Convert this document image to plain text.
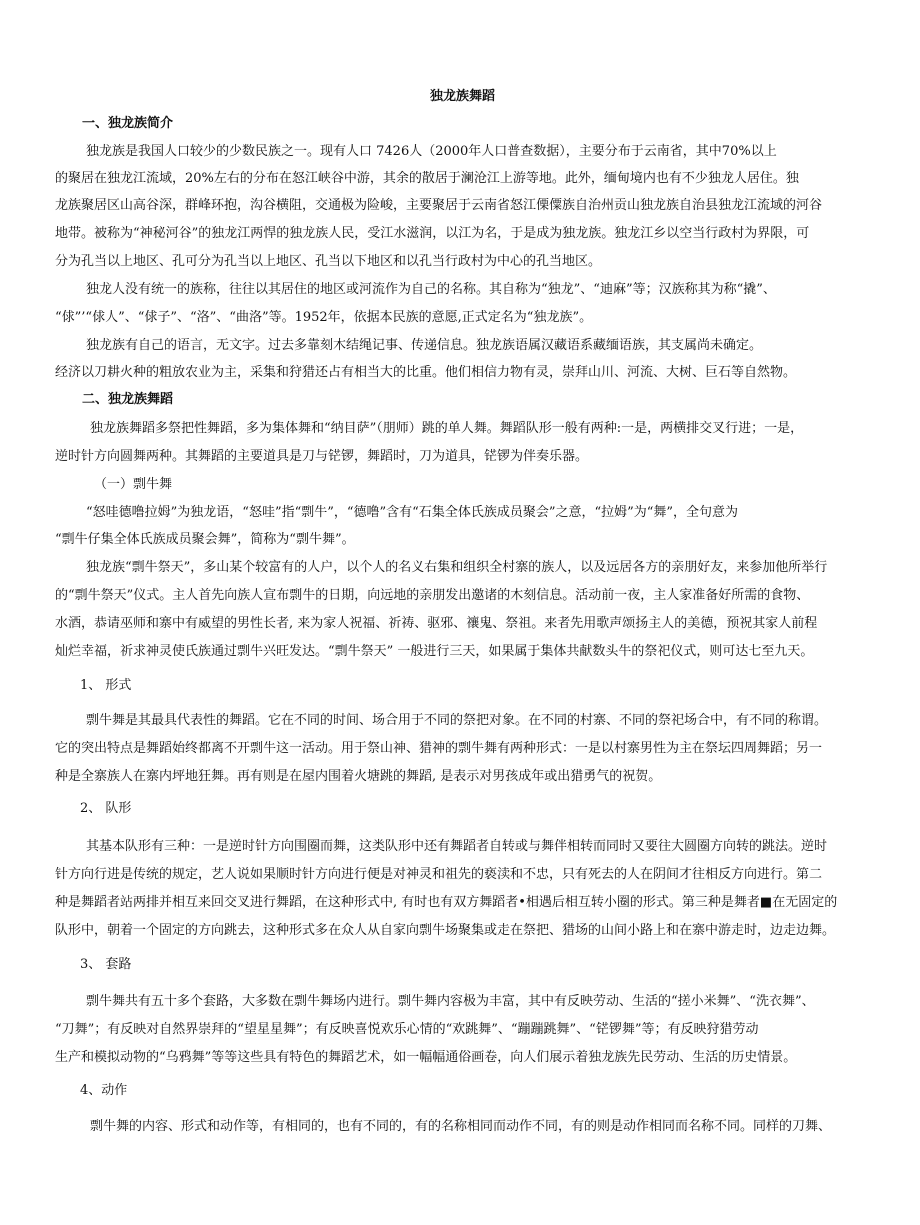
独龙族舞蹈
一、独龙族简介
独龙族是我国人口较少的少数民族之一。现有人口 7426人（2000年人口普查数据），主要分布于云南省，其中70%以上
的聚居在独龙江流域，20%左右的分布在怒江峡谷中游，其余的散居于澜沧江上游等地。此外，缅甸境内也有不少独龙人居住。独
龙族聚居区山高谷深，群峰环抱，沟谷横阻，交通极为险峻，主要聚居于云南省怒江傈僳族自治州贡山独龙族自治县独龙江流域的河谷
地带。被称为“神秘河谷”的独龙江两悍的独龙族人民，受江水滋润，以江为名，于是成为独龙族。独龙江乡以空当行政村为界限，可
分为孔当以上地区、孔可分为孔当以上地区、孔当以下地区和以孔当行政村为中心的孔当地区。
独龙人没有统一的族称，往往以其居住的地区或河流作为自己的名称。其自称为“独龙”、“迪麻”等；汉族称其为称“撬”、
“俅”’“俅人”、“俅子”、“洛”、“曲洛”等。1952年，依据本民族的意愿,正式定名为“独龙族”。
独龙族有自己的语言，无文字。过去多靠刻木结绳记事、传递信息。独龙族语属汉藏语系藏缅语族，其支属尚未确定。
经济以刀耕火种的粗放农业为主，采集和狩猎还占有相当大的比重。他们相信力物有灵，崇拜山川、河流、大树、巨石等自然物。
二、独龙族舞蹈
独龙族舞蹈多祭把性舞蹈，多为集体舞和“纳目萨”（朋师）跳的单人舞。舞蹈队形一般有两种:一是，两横排交叉行进；一是，
逆时针方向圆舞两种。其舞蹈的主要道具是刀与铓锣，舞蹈时，刀为道具，铓锣为伴奏乐器。
（一）剽牛舞
“怒哇德噜拉姆”为独龙语，“怒哇”指“剽牛”，“德噜”含有“石集全体氏族成员聚会”之意，“拉姆”为“舞”，全句意为
“剽牛仔集全体氏族成员聚会舞”，简称为“剽牛舞”。
独龙族“剽牛祭天”，多山某个较富有的人户，以个人的名义右集和组织全村寨的族人，以及远居各方的亲朋好友，来参加他所举行
的“剽牛祭天”仪式。主人首先向族人宣布剽牛的日期，向远地的亲朋发出邀诸的木刻信息。活动前一夜，主人家准备好所需的食物、
水酒，恭请巫师和寨中有威望的男性长者, 来为家人祝福、祈祷、驱邪、禳鬼、祭祖。来者先用歌声颂扬主人的美德，预祝其家人前程
灿烂幸福，祈求神灵使氏族通过剽牛兴旺发达。“剽牛祭天” 一般进行三天，如果属于集体共献数头牛的祭祀仪式，则可达七至九天。
1、 形式
剽牛舞是其最具代表性的舞蹈。它在不同的时间、场合用于不同的祭把对象。在不同的村寨、不同的祭祀场合中，有不同的称谓。
它的突出特点是舞蹈始终都离不开剽牛这一活动。用于祭山神、猎神的剽牛舞有两种形式：一是以村寨男性为主在祭坛四周舞蹈；另一
种是全寨族人在寨内坪地狂舞。再有则是在屋内围着火塘跳的舞蹈, 是表示对男孩成年或出猎勇气的祝贺。
2、 队形
其基本队形有三种：一是逆时针方向围圈而舞，这类队形中还有舞蹈者自转或与舞伴相转而同时又要往大圆圈方向转的跳法。逆时
针方向行进是传统的规定，艺人说如果顺时针方向进行便是对神灵和祖先的亵渎和不忠，只有死去的人在阴间才往相反方向进行。第二
种是舞蹈者站两排并相互来回交叉进行舞蹈，在这种形式中, 有时也有双方舞蹈者•相遇后相互转小圈的形式。第三种是舞者■在无固定的
队形中，朝着一个固定的方向跳去，这种形式多在众人从自家向剽牛场聚集或走在祭把、猎场的山间小路上和在寨中游走时，边走边舞。
3、 套路
剽牛舞共有五十多个套路，大多数在剽牛舞场内进行。剽牛舞内容极为丰富，其中有反映劳动、生活的“搓小米舞”、“洗衣舞”、
“刀舞”；有反映对自然界崇拜的“望星星舞”；有反映喜悦欢乐心情的“欢跳舞”、“蹦蹦跳舞”、“铓锣舞”等；有反映狩猎劳动
生产和模拟动物的“乌鸦舞”等等这些具有特色的舞蹈艺术，如一幅幅通俗画卷，向人们展示着独龙族先民劳动、生活的历史情景。
4、动作
剽牛舞的内容、形式和动作等，有相同的，也有不同的，有的名称相同而动作不同，有的则是动作相同而名称不同。同样的刀舞、
